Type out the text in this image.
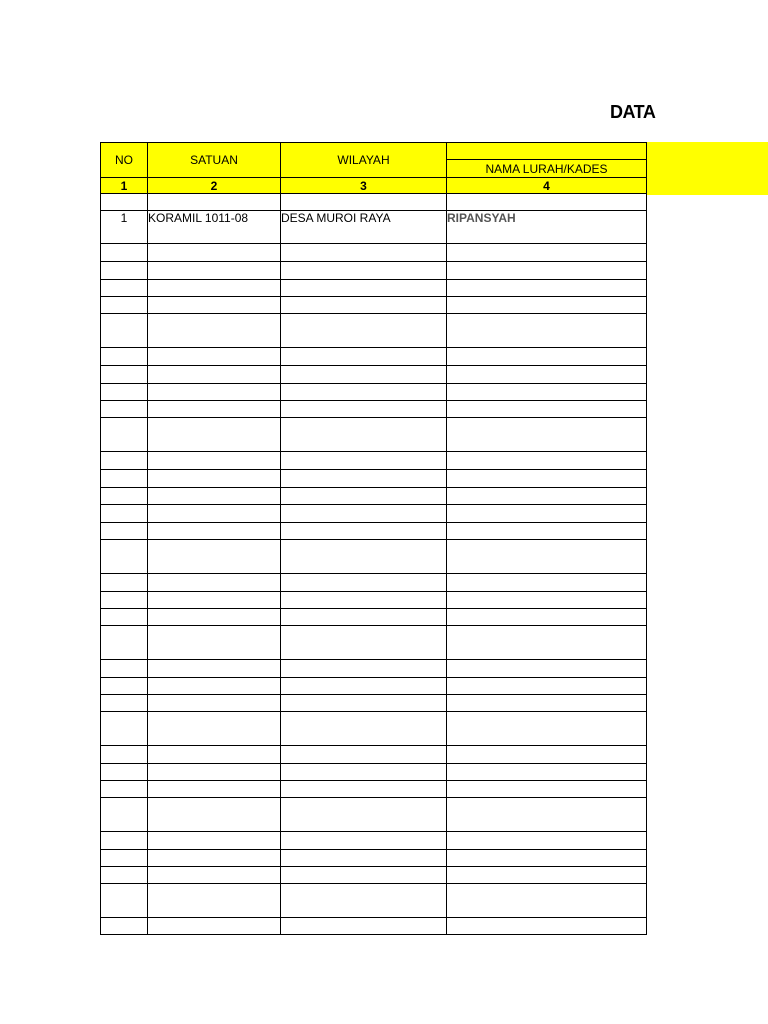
DATA
NO	SATUAN	WILAYAH	
			NAMA LURAH/KADES
1	2	3	4

1	KORAMIL 1011-08	DESA MUROI RAYA	RIPANSYAH
